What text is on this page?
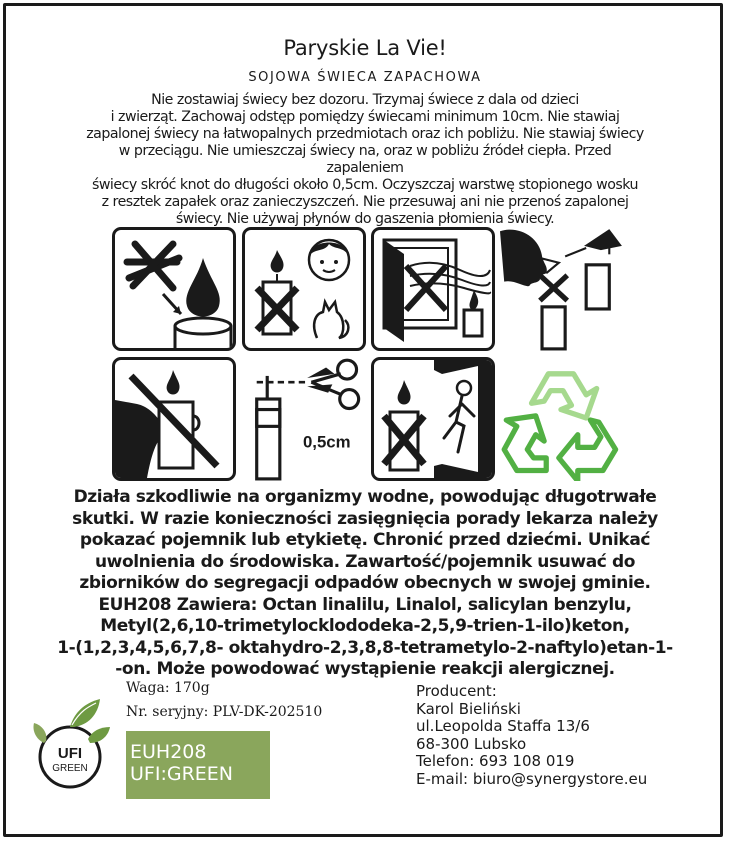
Paryskie La Vie!
SOJOWA ŚWIECA ZAPACHOWA
Nie zostawiaj świecy bez dozoru. Trzymaj świece z dala od dzieci
i zwierząt. Zachowaj odstęp pomiędzy świecami minimum 10cm. Nie stawiaj
zapalonej świecy na łatwopalnych przedmiotach oraz ich pobliżu. Nie stawiaj świecy
w przeciągu. Nie umieszczaj świecy na, oraz w pobliżu źródeł ciepła. Przed zapaleniem
świecy skróć knot do długości około 0,5cm. Oczyszczaj warstwę stopionego wosku
z resztek zapałek oraz zanieczyszczeń. Nie przesuwaj ani nie przenoś zapalonej
świecy. Nie używaj płynów do gaszenia płomienia świecy.
0,5cm
Działa szkodliwie na organizmy wodne, powodując długotrwałe
skutki. W razie konieczności zasięgnięcia porady lekarza należy
pokazać pojemnik lub etykietę. Chronić przed dziećmi. Unikać
uwolnienia do środowiska. Zawartość/pojemnik usuwać do
zbiorników do segregacji odpadów obecnych w swojej gminie.
EUH208 Zawiera: Octan linalilu, Linalol, salicylan benzylu,
Metyl(2,6,10-trimetylocklododeka-2,5,9-trien-1-ilo)keton,
1-(1,2,3,4,5,6,7,8- oktahydro-2,3,8,8-tetrametylo-2-naftylo)etan-1-
-on. Może powodować wystąpienie reakcji alergicznej.
Waga: 170g
Nr. seryjny: PLV-DK-202510
UFI
GREEN
EUH208
UFI:GREEN
Producent:
Karol Bieliński
ul.Leopolda Staffa 13/6
68-300 Lubsko
Telefon: 693 108 019
E-mail: biuro@synergystore.eu
